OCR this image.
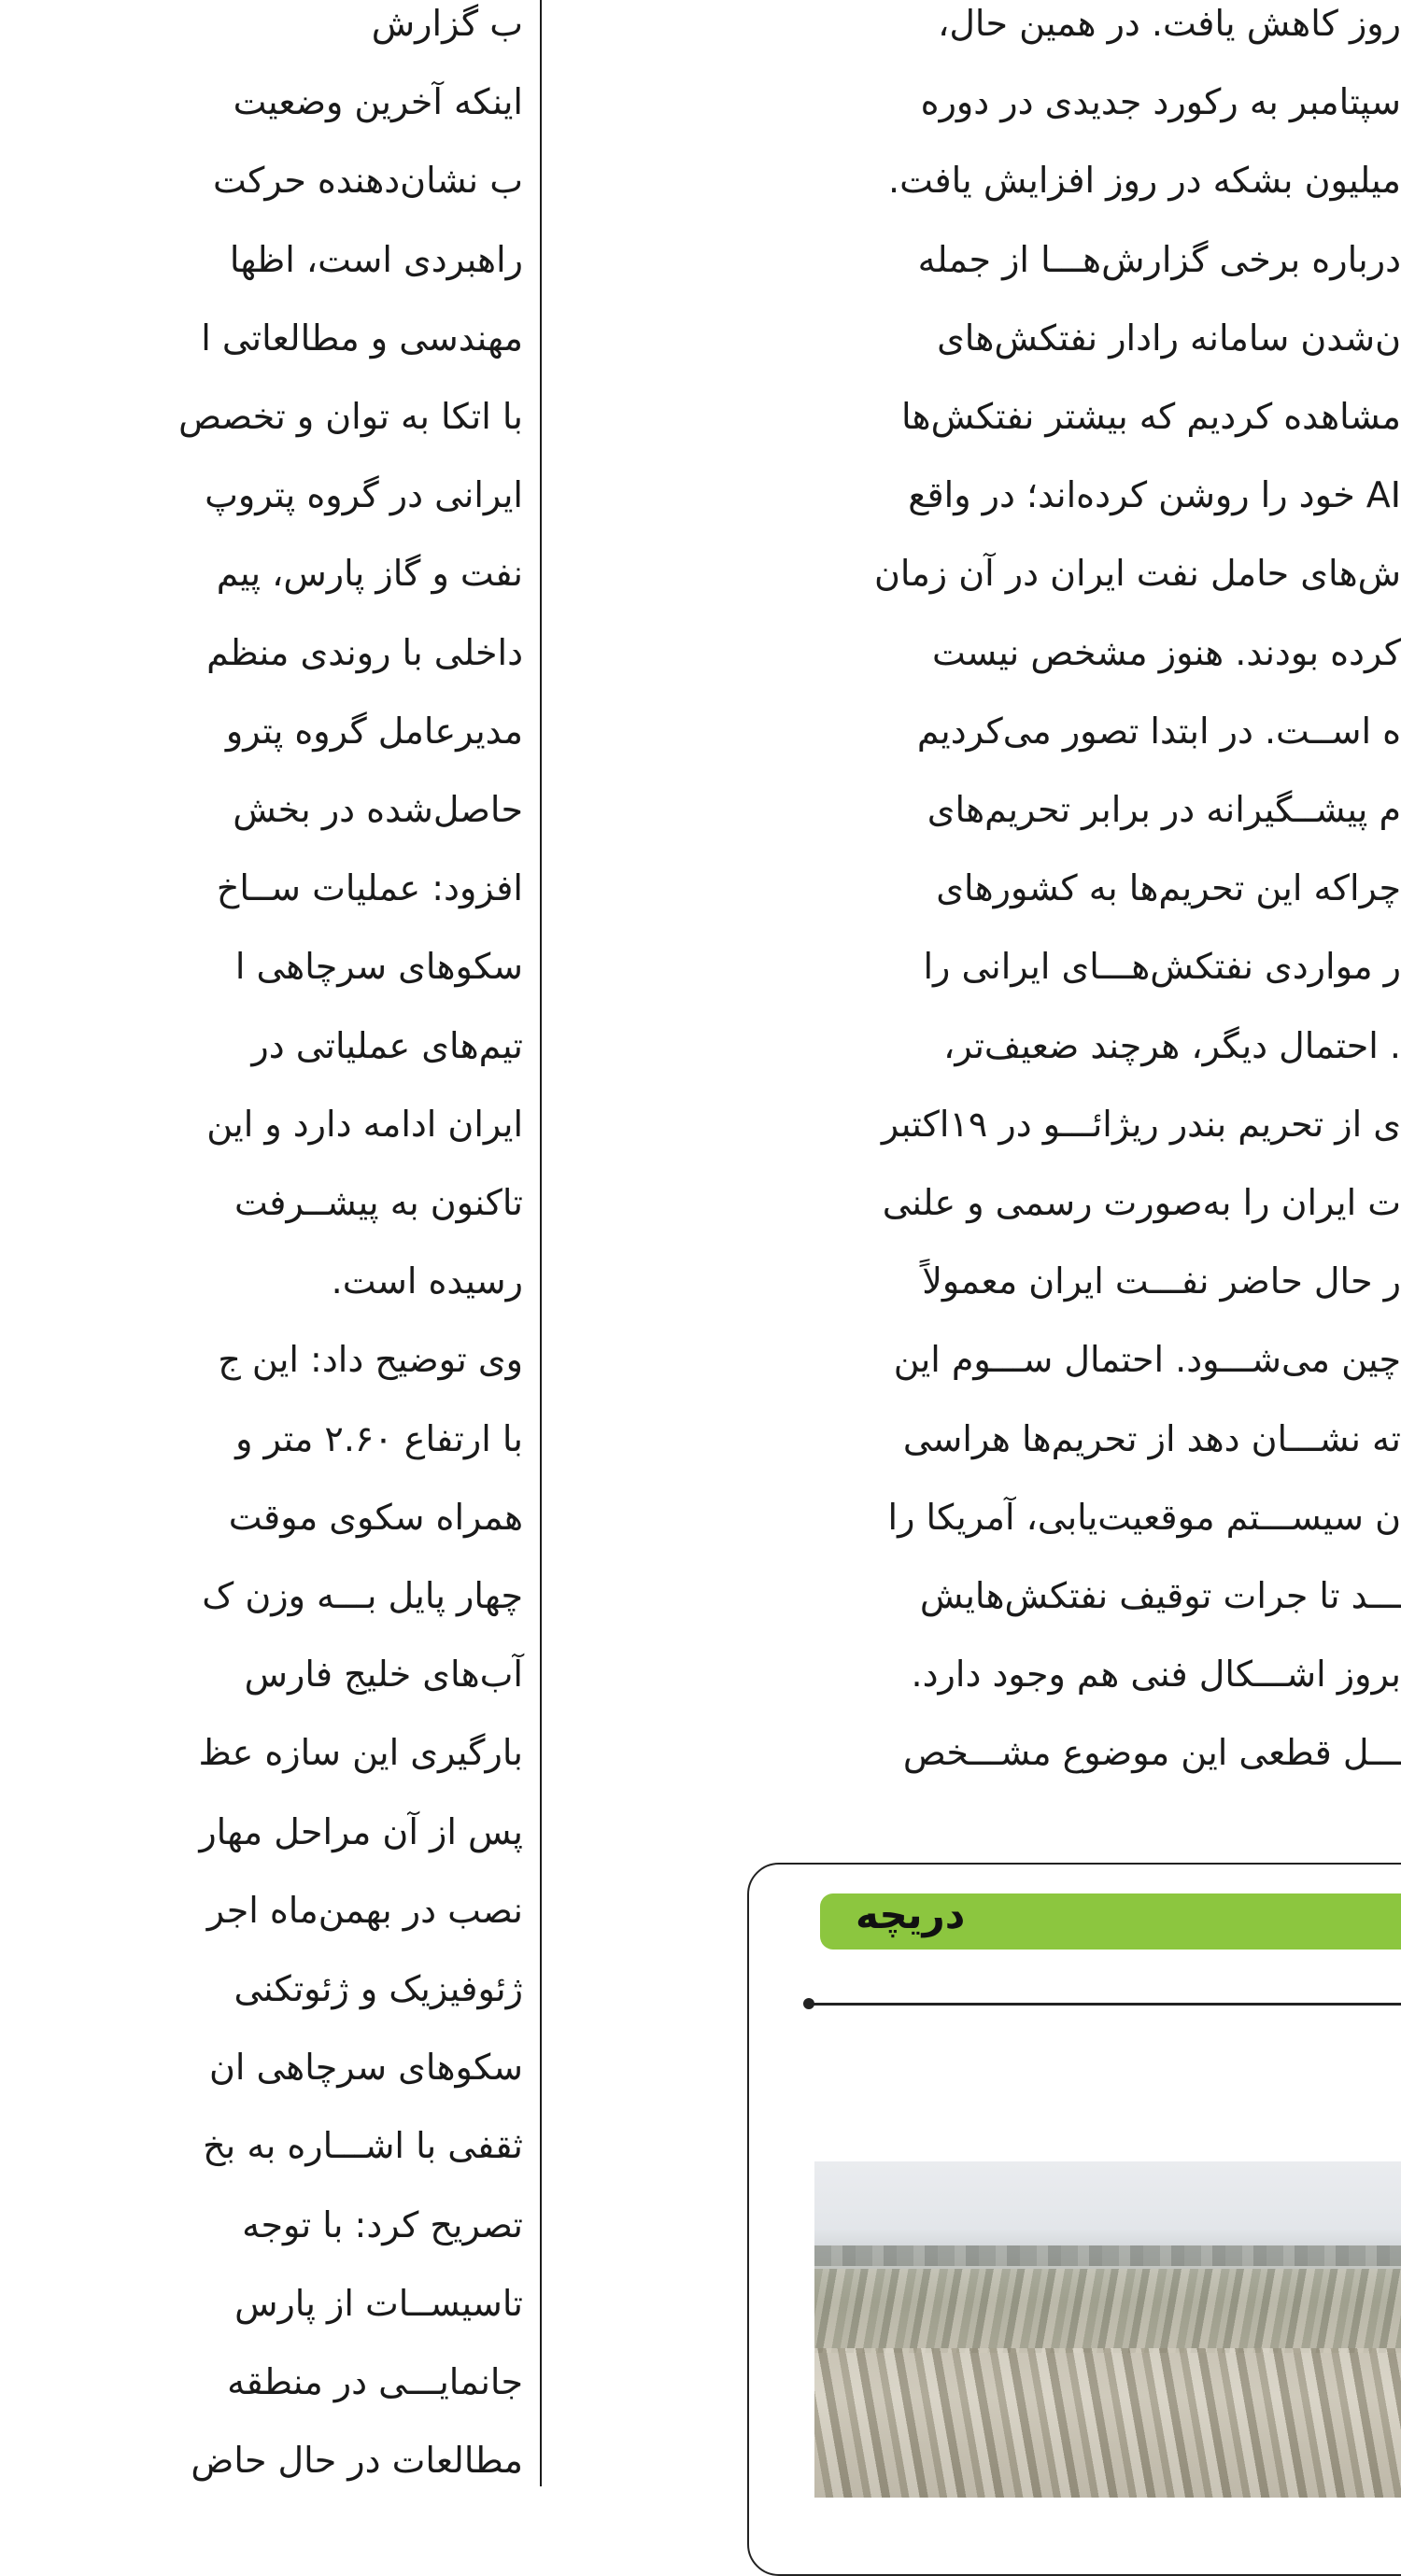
ب گزارش
اینکه آخرین وضعیت
ب نشان‌دهنده حرکت
راهبردی است، اظها
مهندسی و مطالعاتی ا
با اتکا به توان و تخصص
ایرانی در گروه پتروپ
نفت و گاز پارس، پیم
داخلی با روندی منظم
مدیرعامل گروه پترو
حاصل‌شده در بخش
افزود: عملیات ســاخ
سکوهای سرچاهی ا
تیم‌های عملیاتی در
ایران ادامه دارد و این
تاکنون به پیشــرفت
رسیده است.
وی توضیح داد: این ج
با ارتفاع ۲.۶۰ متر و
همراه سکوی موقت
چهار پایل بـــه وزن ک
آب‌های خلیج فارس
بارگیری این سازه عظ
پس از آن مراحل مهار
نصب در بهمن‌ماه اجر
ژئوفیزیک و ژئوتکنی
سکوهای سرچاهی ان
ثقفی با اشـــاره به بخ
تصریح کرد: با توجه
تاسیســات از پارس
جانمایـــی در منطقه
مطالعات در حال حاض
روز کاهش یافت. در همین حال،
سپتامبر به رکورد جدیدی در دوره
میلیون بشکه در روز افزایش یافت.
درباره برخی گزارش‌هـــا از جمله
ن‌شدن سامانه رادار نفتکش‌های
مشاهده کردیم که بیشتر نفتکش‌ها
AI خود را روشن کرده‌اند؛ در واقع
ش‌های حامل نفت ایران در آن زمان
کرده بودند. هنوز مشخص نیست
ه اســت. در ابتدا تصور می‌کردیم
م پیشــگیرانه در برابر تحریم‌های
چراکه این تحریم‌ها به کشورهای
ر مواردی نفتکش‌هـــای ایرانی را
. احتمال دیگر، هرچند ضعیف‌تر،
ی از تحریم بندر ریژائـــو در ۱۹اکتبر
ت ایران را به‌صورت رسمی و علنی
ر حال حاضر نفـــت ایران معمولاً
چین می‌شـــود. احتمال ســـوم این
ته نشـــان دهد از تحریم‌ها هراسی
ن سیســـتم موقعیت‌یابی، آمریکا را
ـــد تا جرات توقیف نفتکش‌هایش
بروز اشـــکال فنی هم وجود دارد.
ـــل قطعی این موضوع مشـــخص
دریچه
